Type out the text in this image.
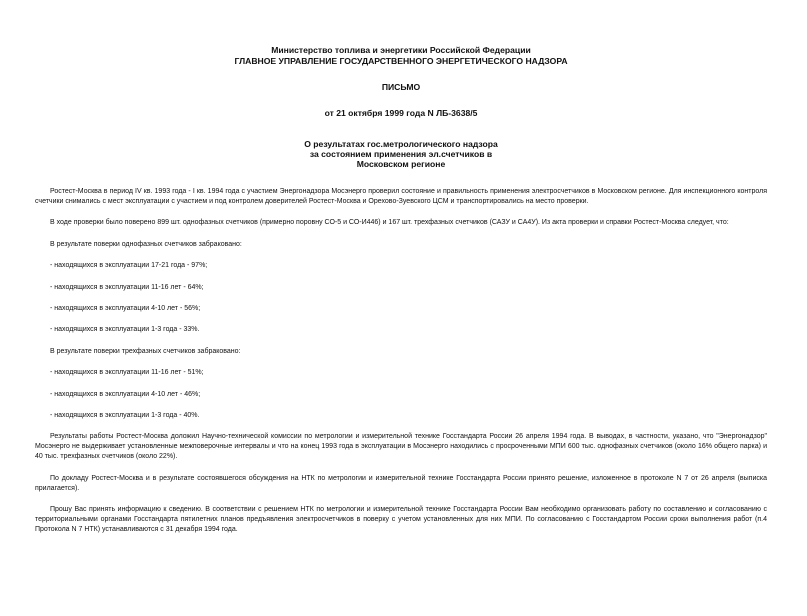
Министерство топлива и энергетики Российской Федерации
ГЛАВНОЕ УПРАВЛЕНИЕ ГОСУДАРСТВЕННОГО ЭНЕРГЕТИЧЕСКОГО НАДЗОРА
ПИСЬМО
от 21 октября 1999 года N ЛБ-3638/5
О результатах гос.метрологического надзора
за состоянием применения эл.счетчиков в
Московском регионе
Ростест-Москва в период IV кв. 1993 года - I кв. 1994 года с участием Энергонадзора Мосэнерго проверил состояние и правильность применения электросчетчиков в Московском регионе. Для инспекционного контроля счетчики снимались с мест эксплуатации с участием и под контролем доверителей Ростест-Москва и Орехово-Зуевского ЦСМ и транспортировались на место проверки.
В ходе проверки было поверено 899 шт. однофазных счетчиков (примерно поровну СО-5 и СО-И446) и 167 шт. трехфазных счетчиков (САЗУ и СА4У). Из акта проверки и справки Ростест-Москва следует, что:
В результате поверки однофазных счетчиков забраковано:
- находящихся в эксплуатации 17-21 года - 97%;
- находящихся в эксплуатации 11-16 лет - 64%;
- находящихся в эксплуатации 4-10 лет - 56%;
- находящихся в эксплуатации 1-3 года - 33%.
В результате поверки трехфазных счетчиков забраковано:
- находящихся в эксплуатации 11-16 лет - 51%;
- находящихся в эксплуатации 4-10 лет - 46%;
- находящихся в эксплуатации 1-3 года - 40%.
Результаты работы Ростест-Москва доложил Научно-технической комиссии по метрологии и измерительной технике Госстандарта России 26 апреля 1994 года. В выводах, в частности, указано, что "Энергонадзор" Мосэнерго не выдерживает установленные межповерочные интервалы и что на конец 1993 года в эксплуатации в Мосэнерго находились с просроченными МПИ 600 тыс. однофазных счетчиков (около 16% общего парка) и 40 тыс. трехфазных счетчиков (около 22%).
По докладу Ростест-Москва и в результате состоявшегося обсуждения на НТК по метрологии и измерительной технике Госстандарта России принято решение, изложенное в протоколе N 7 от 26 апреля (выписка прилагается).
Прошу Вас принять информацию к сведению. В соответствии с решением НТК по метрологии и измерительной технике Госстандарта России Вам необходимо организовать работу по составлению и согласованию с территориальными органами Госстандарта пятилетних планов предъявления электросчетчиков в поверку с учетом установленных для них МПИ. По согласованию с Госстандартом России сроки выполнения работ (п.4 Протокола N 7 НТК) устанавливаются с 31 декабря 1994 года.
